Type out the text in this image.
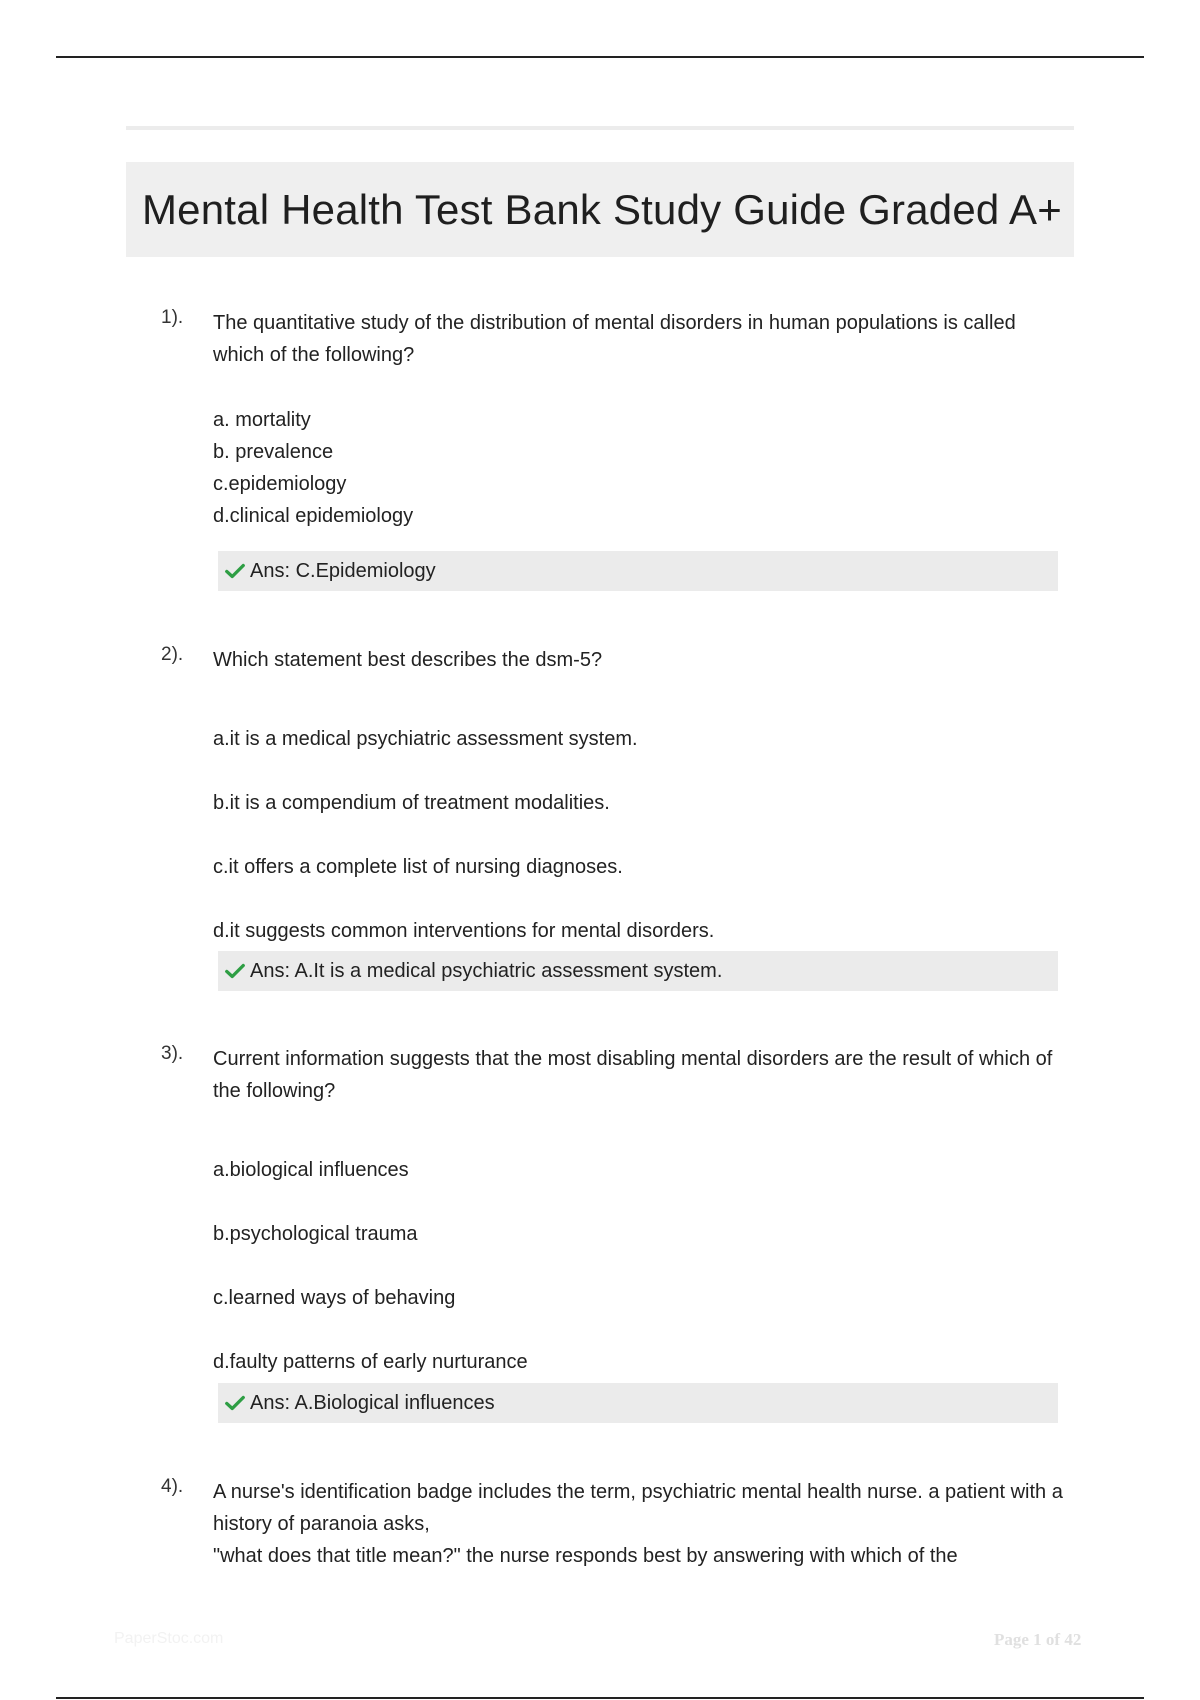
Mental Health Test Bank Study Guide Graded A+
1). The quantitative study of the distribution of mental disorders in human populations is called which of the following?
a. mortality
b. prevalence
c.epidemiology
d.clinical epidemiology
Ans: C.Epidemiology
2). Which statement best describes the dsm-5?
a.it is a medical psychiatric assessment system.
b.it is a compendium of treatment modalities.
c.it offers a complete list of nursing diagnoses.
d.it suggests common interventions for mental disorders.
Ans: A.It is a medical psychiatric assessment system.
3). Current information suggests that the most disabling mental disorders are the result of which of the following?
a.biological influences
b.psychological trauma
c.learned ways of behaving
d.faulty patterns of early nurturance
Ans: A.Biological influences
4). A nurse's identification badge includes the term, psychiatric mental health nurse. a patient with a history of paranoia asks,
"what does that title mean?" the nurse responds best by answering with which of the
PaperStoc.com	Page 1 of 42
